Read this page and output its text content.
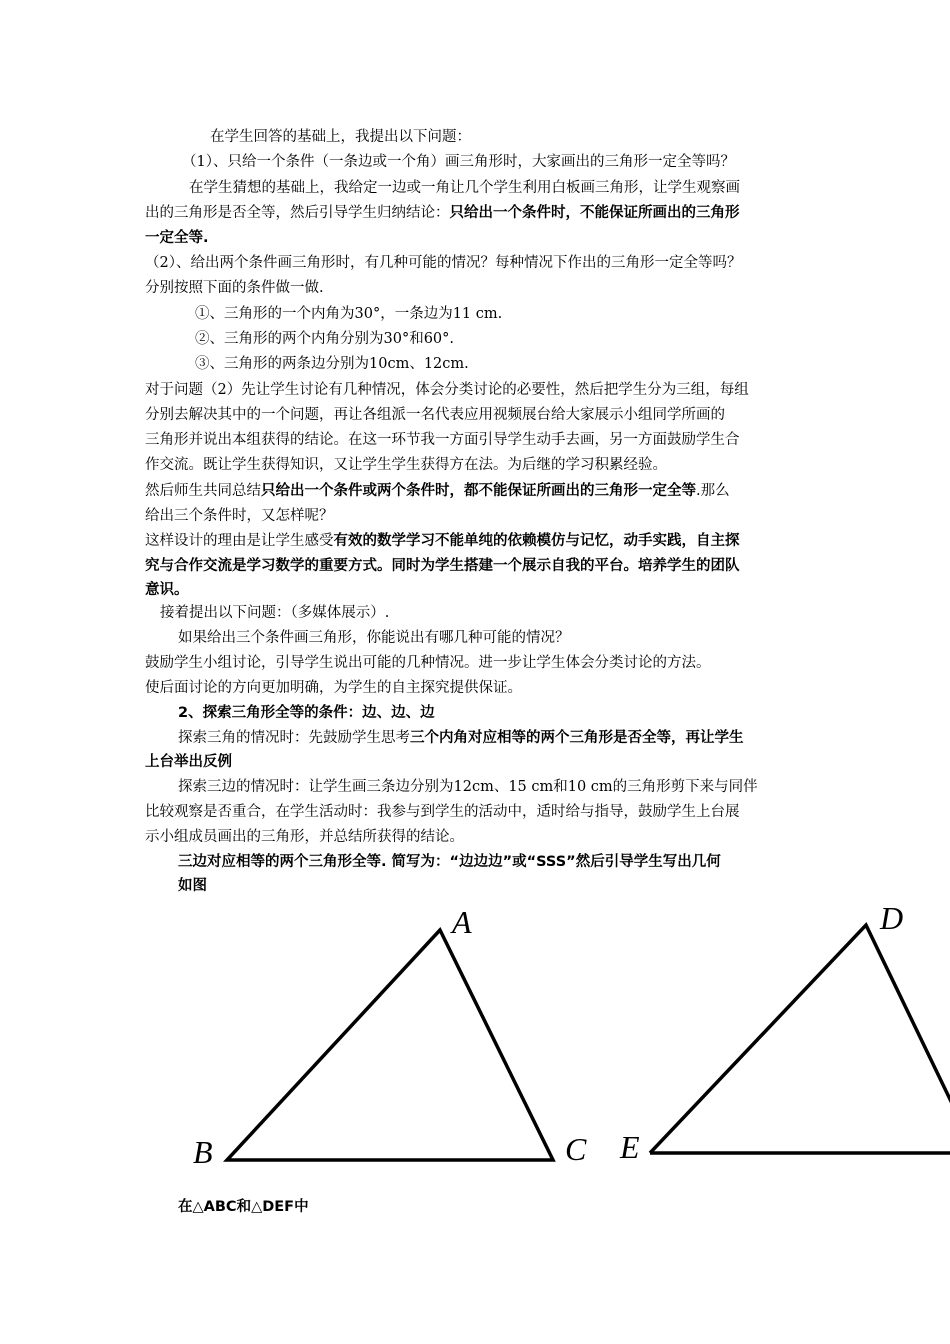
在学生回答的基础上，我提出以下问题：
（1）、只给一个条件（一条边或一个角）画三角形时，大家画出的三角形一定全等吗？
在学生猜想的基础上，我给定一边或一角让几个学生利用白板画三角形，让学生观察画
出的三角形是否全等，然后引导学生归纳结论：只给出一个条件时，不能保证所画出的三角形
一定全等.
（2）、给出两个条件画三角形时，有几种可能的情况？每种情况下作出的三角形一定全等吗？
分别按照下面的条件做一做.
①、三角形的一个内角为30°，一条边为11 cm.
②、三角形的两个内角分别为30°和60°.
③、三角形的两条边分别为10cm、12cm.
对于问题（2）先让学生讨论有几种情况，体会分类讨论的必要性，然后把学生分为三组，每组
分别去解决其中的一个问题，再让各组派一名代表应用视频展台给大家展示小组同学所画的
三角形并说出本组获得的结论。在这一环节我一方面引导学生动手去画，另一方面鼓励学生合
作交流。既让学生获得知识，又让学生学生获得方在法。为后继的学习积累经验。
然后师生共同总结只给出一个条件或两个条件时，都不能保证所画出的三角形一定全等.那么
给出三个条件时，又怎样呢？
这样设计的理由是让学生感受有效的数学学习不能单纯的依赖模仿与记忆，动手实践，自主探
究与合作交流是学习数学的重要方式。同时为学生搭建一个展示自我的平台。培养学生的团队
意识。
接着提出以下问题：（多媒体展示）.
如果给出三个条件画三角形，你能说出有哪几种可能的情况？
鼓励学生小组讨论，引导学生说出可能的几种情况。进一步让学生体会分类讨论的方法。
使后面讨论的方向更加明确，为学生的自主探究提供保证。
2、探索三角形全等的条件：边、边、边
探索三角的情况时：先鼓励学生思考三个内角对应相等的两个三角形是否全等，再让学生
上台举出反例
探索三边的情况时：让学生画三条边分别为12cm、15 cm和10 cm的三角形剪下来与同伴
比较观察是否重合，在学生活动时：我参与到学生的活动中，适时给与指导，鼓励学生上台展
示小组成员画出的三角形，并总结所获得的结论。
三边对应相等的两个三角形全等. 简写为：“边边边”或“SSS”然后引导学生写出几何
如图
A
B	C
D
E
在△ABC和△DEF中
